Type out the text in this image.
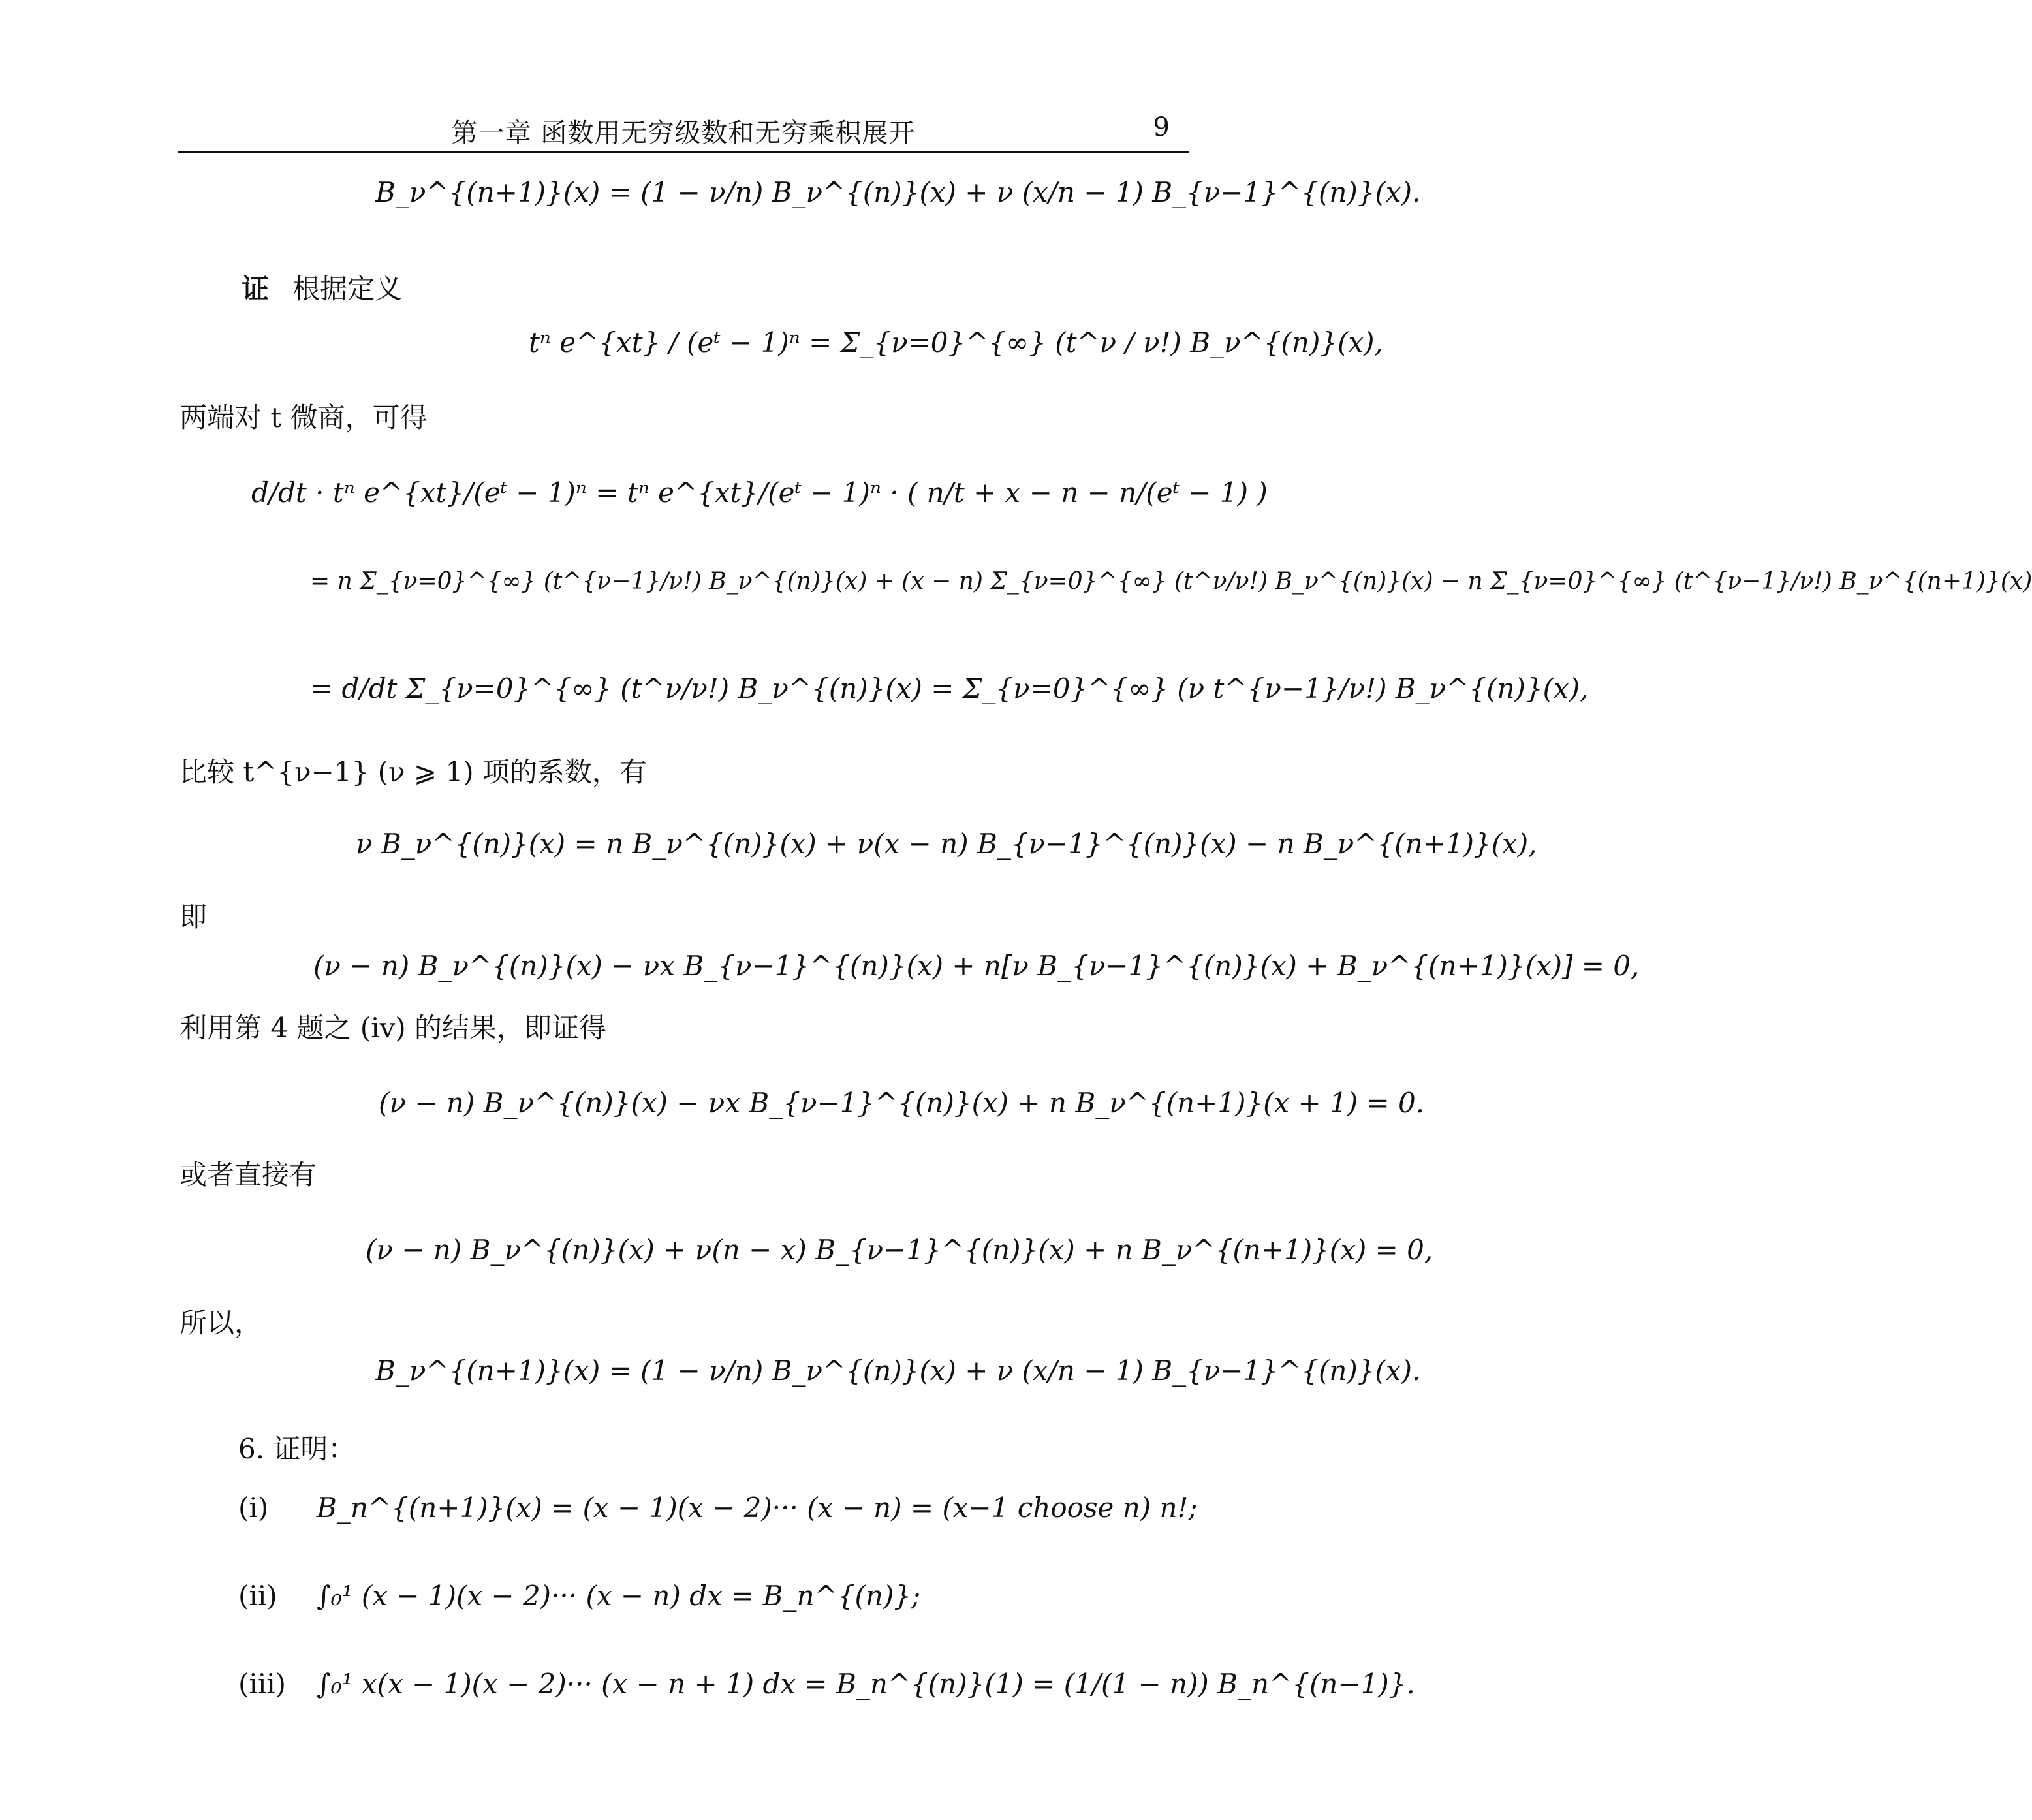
第一章 函数用无穷级数和无穷乘积展开	9
B_ν^{(n+1)}(x) = (1 − ν/n) B_ν^{(n)}(x) + ν (x/n − 1) B_{ν−1}^{(n)}(x).
证 根据定义
tⁿ e^{xt} / (eᵗ − 1)ⁿ = Σ_{ν=0}^{∞} (t^ν / ν!) B_ν^{(n)}(x),
两端对 t 微商，可得
d/dt · tⁿ e^{xt}/(eᵗ − 1)ⁿ = tⁿ e^{xt}/(eᵗ − 1)ⁿ · ( n/t + x − n − n/(eᵗ − 1) )
= n Σ_{ν=0}^{∞} (t^{ν−1}/ν!) B_ν^{(n)}(x) + (x − n) Σ_{ν=0}^{∞} (t^ν/ν!) B_ν^{(n)}(x) − n Σ_{ν=0}^{∞} (t^{ν−1}/ν!) B_ν^{(n+1)}(x)
= d/dt Σ_{ν=0}^{∞} (t^ν/ν!) B_ν^{(n)}(x) = Σ_{ν=0}^{∞} (ν t^{ν−1}/ν!) B_ν^{(n)}(x),
比较 t^{ν−1} (ν ⩾ 1) 项的系数，有
ν B_ν^{(n)}(x) = n B_ν^{(n)}(x) + ν(x − n) B_{ν−1}^{(n)}(x) − n B_ν^{(n+1)}(x),
即
(ν − n) B_ν^{(n)}(x) − νx B_{ν−1}^{(n)}(x) + n[ν B_{ν−1}^{(n)}(x) + B_ν^{(n+1)}(x)] = 0,
利用第 4 题之 (iv) 的结果，即证得
(ν − n) B_ν^{(n)}(x) − νx B_{ν−1}^{(n)}(x) + n B_ν^{(n+1)}(x + 1) = 0.
或者直接有
(ν − n) B_ν^{(n)}(x) + ν(n − x) B_{ν−1}^{(n)}(x) + n B_ν^{(n+1)}(x) = 0,
所以，
B_ν^{(n+1)}(x) = (1 − ν/n) B_ν^{(n)}(x) + ν (x/n − 1) B_{ν−1}^{(n)}(x).
6. 证明：
(i) B_n^{(n+1)}(x) = (x − 1)(x − 2)··· (x − n) = (x−1 choose n) n!;
(ii) ∫₀¹ (x − 1)(x − 2)··· (x − n) dx = B_n^{(n)};
(iii) ∫₀¹ x(x − 1)(x − 2)··· (x − n + 1) dx = B_n^{(n)}(1) = (1/(1 − n)) B_n^{(n−1)}.
